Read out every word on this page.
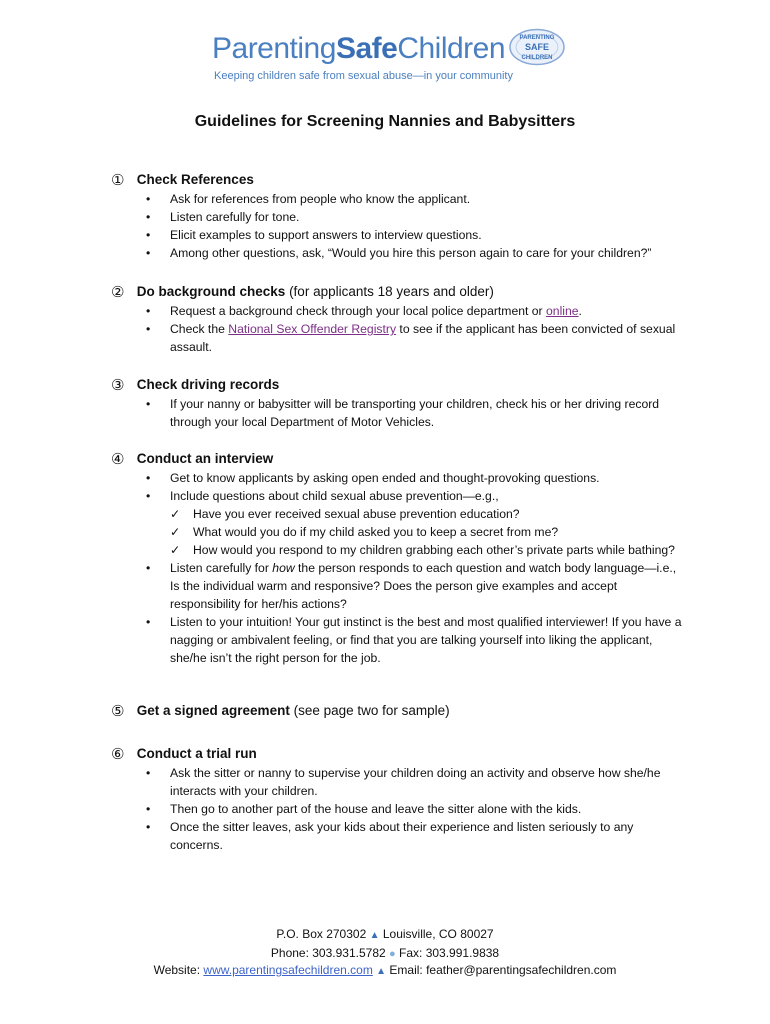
ParentingSafeChildren
Keeping children safe from sexual abuse—in your community
PARENTING
SAFE
CHILDREN
Guidelines for Screening Nannies and Babysitters
① Check References
• Ask for references from people who know the applicant.
• Listen carefully for tone.
• Elicit examples to support answers to interview questions.
• Among other questions, ask, “Would you hire this person again to care for your children?”
② Do background checks (for applicants 18 years and older)
• Request a background check through your local police department or online.
• Check the National Sex Offender Registry to see if the applicant has been convicted of sexual assault.
③ Check driving records
• If your nanny or babysitter will be transporting your children, check his or her driving record through your local Department of Motor Vehicles.
④ Conduct an interview
• Get to know applicants by asking open ended and thought-provoking questions.
• Include questions about child sexual abuse prevention—e.g.,
✓ Have you ever received sexual abuse prevention education?
✓ What would you do if my child asked you to keep a secret from me?
✓ How would you respond to my children grabbing each other’s private parts while bathing?
• Listen carefully for how the person responds to each question and watch body language—i.e., Is the individual warm and responsive? Does the person give examples and accept responsibility for her/his actions?
• Listen to your intuition! Your gut instinct is the best and most qualified interviewer! If you have a nagging or ambivalent feeling, or find that you are talking yourself into liking the applicant, she/he isn’t the right person for the job.
⑤ Get a signed agreement (see page two for sample)
⑥ Conduct a trial run
• Ask the sitter or nanny to supervise your children doing an activity and observe how she/he interacts with your children.
• Then go to another part of the house and leave the sitter alone with the kids.
• Once the sitter leaves, ask your kids about their experience and listen seriously to any concerns.
P.O. Box 270302 ▲ Louisville, CO 80027
Phone: 303.931.5782 ● Fax: 303.991.9838
Website: www.parentingsafechildren.com ▲ Email: feather@parentingsafechildren.com
